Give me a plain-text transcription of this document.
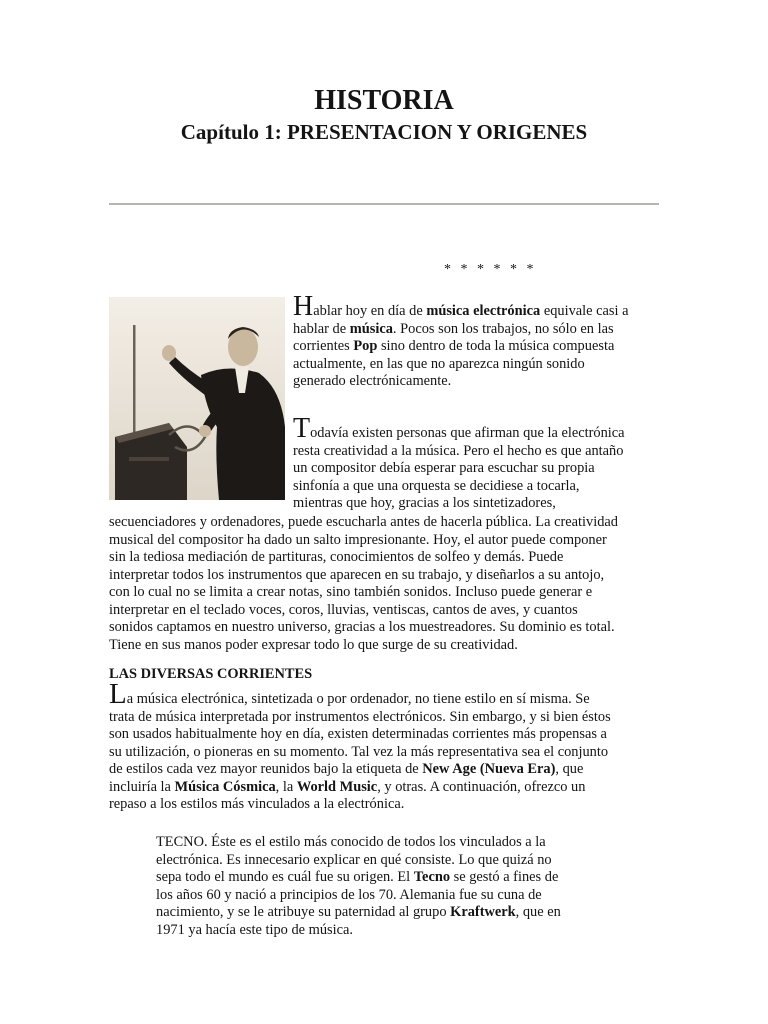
HISTORIA
Capítulo 1: PRESENTACION Y ORIGENES
* * * * * *
Hablar hoy en día de música electrónica equivale casi a
hablar de música. Pocos son los trabajos, no sólo en las
corrientes Pop sino dentro de toda la música compuesta
actualmente, en las que no aparezca ningún sonido
generado electrónicamente.
Todavía existen personas que afirman que la electrónica
resta creatividad a la música. Pero el hecho es que antaño
un compositor debía esperar para escuchar su propia
sinfonía a que una orquesta se decidiese a tocarla,
mientras que hoy, gracias a los sintetizadores,
secuenciadores y ordenadores, puede escucharla antes de hacerla pública. La creatividad
musical del compositor ha dado un salto impresionante. Hoy, el autor puede componer
sin la tediosa mediación de partituras, conocimientos de solfeo y demás. Puede
interpretar todos los instrumentos que aparecen en su trabajo, y diseñarlos a su antojo,
con lo cual no se limita a crear notas, sino también sonidos. Incluso puede generar e
interpretar en el teclado voces, coros, lluvias, ventiscas, cantos de aves, y cuantos
sonidos captamos en nuestro universo, gracias a los muestreadores. Su dominio es total.
Tiene en sus manos poder expresar todo lo que surge de su creatividad.
LAS DIVERSAS CORRIENTES
La música electrónica, sintetizada o por ordenador, no tiene estilo en sí misma. Se
trata de música interpretada por instrumentos electrónicos. Sin embargo, y si bien éstos
son usados habitualmente hoy en día, existen determinadas corrientes más propensas a
su utilización, o pioneras en su momento. Tal vez la más representativa sea el conjunto
de estilos cada vez mayor reunidos bajo la etiqueta de New Age (Nueva Era), que
incluiría la Música Cósmica, la World Music, y otras. A continuación, ofrezco un
repaso a los estilos más vinculados a la electrónica.
TECNO. Éste es el estilo más conocido de todos los vinculados a la
electrónica. Es innecesario explicar en qué consiste. Lo que quizá no
sepa todo el mundo es cuál fue su origen. El Tecno se gestó a fines de
los años 60 y nació a principios de los 70. Alemania fue su cuna de
nacimiento, y se le atribuye su paternidad al grupo Kraftwerk, que en
1971 ya hacía este tipo de música.
